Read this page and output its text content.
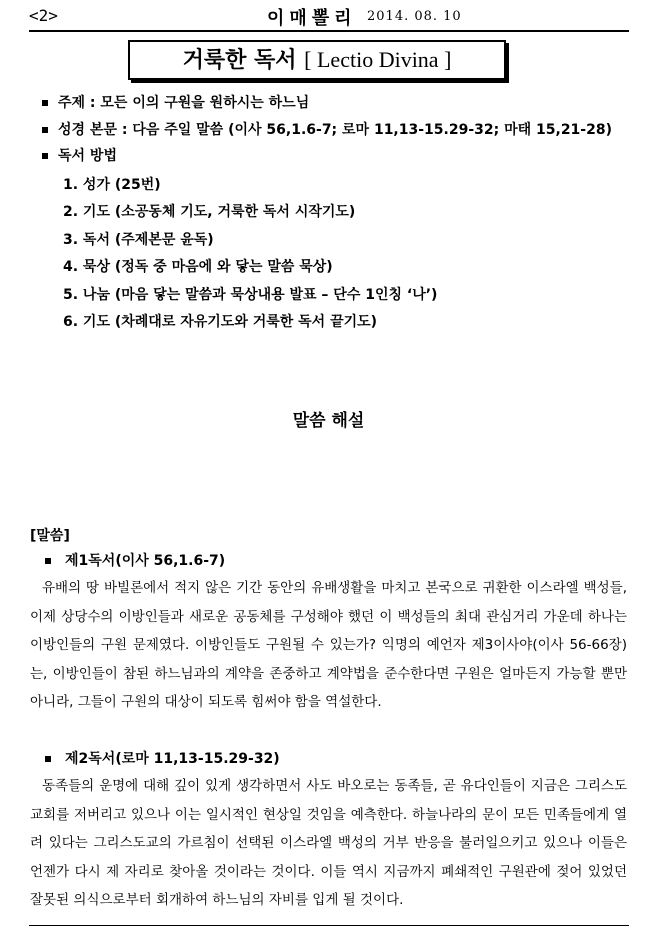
<2>	이매뽈리 2014. 08. 10
거룩한 독서 [ Lectio Divina ]
주제 : 모든 이의 구원을 원하시는 하느님
성경 본문 : 다음 주일 말씀 (이사 56,1.6-7; 로마 11,13-15.29-32; 마태 15,21-28)
독서 방법
1. 성가 (25번)
2. 기도 (소공동체 기도, 거룩한 독서 시작기도)
3. 독서 (주제본문 윤독)
4. 묵상 (정독 중 마음에 와 닿는 말씀 묵상)
5. 나눔 (마음 닿는 말씀과 묵상내용 발표 – 단수 1인칭 ‘나’)
6. 기도 (차례대로 자유기도와 거룩한 독서 끝기도)
말씀 해설
[말씀]
제1독서(이사 56,1.6-7)
유배의 땅 바빌론에서 적지 않은 기간 동안의 유배생활을 마치고 본국으로 귀환한 이스라엘 백성들, 이제 상당수의 이방인들과 새로운 공동체를 구성해야 했던 이 백성들의 최대 관심거리 가운데 하나는 이방인들의 구원 문제였다. 이방인들도 구원될 수 있는가? 익명의 예언자 제3이사야(이사 56-66장)는, 이방인들이 참된 하느님과의 계약을 존중하고 계약법을 준수한다면 구원은 얼마든지 가능할 뿐만 아니라, 그들이 구원의 대상이 되도록 힘써야 함을 역설한다.
제2독서(로마 11,13-15.29-32)
동족들의 운명에 대해 깊이 있게 생각하면서 사도 바오로는 동족들, 곧 유다인들이 지금은 그리스도 교회를 저버리고 있으나 이는 일시적인 현상일 것임을 예측한다. 하늘나라의 문이 모든 민족들에게 열려 있다는 그리스도교의 가르침이 선택된 이스라엘 백성의 거부 반응을 불러일으키고 있으나 이들은 언젠가 다시 제 자리로 찾아올 것이라는 것이다. 이들 역시 지금까지 폐쇄적인 구원관에 젖어 있었던 잘못된 의식으로부터 회개하여 하느님의 자비를 입게 될 것이다.
